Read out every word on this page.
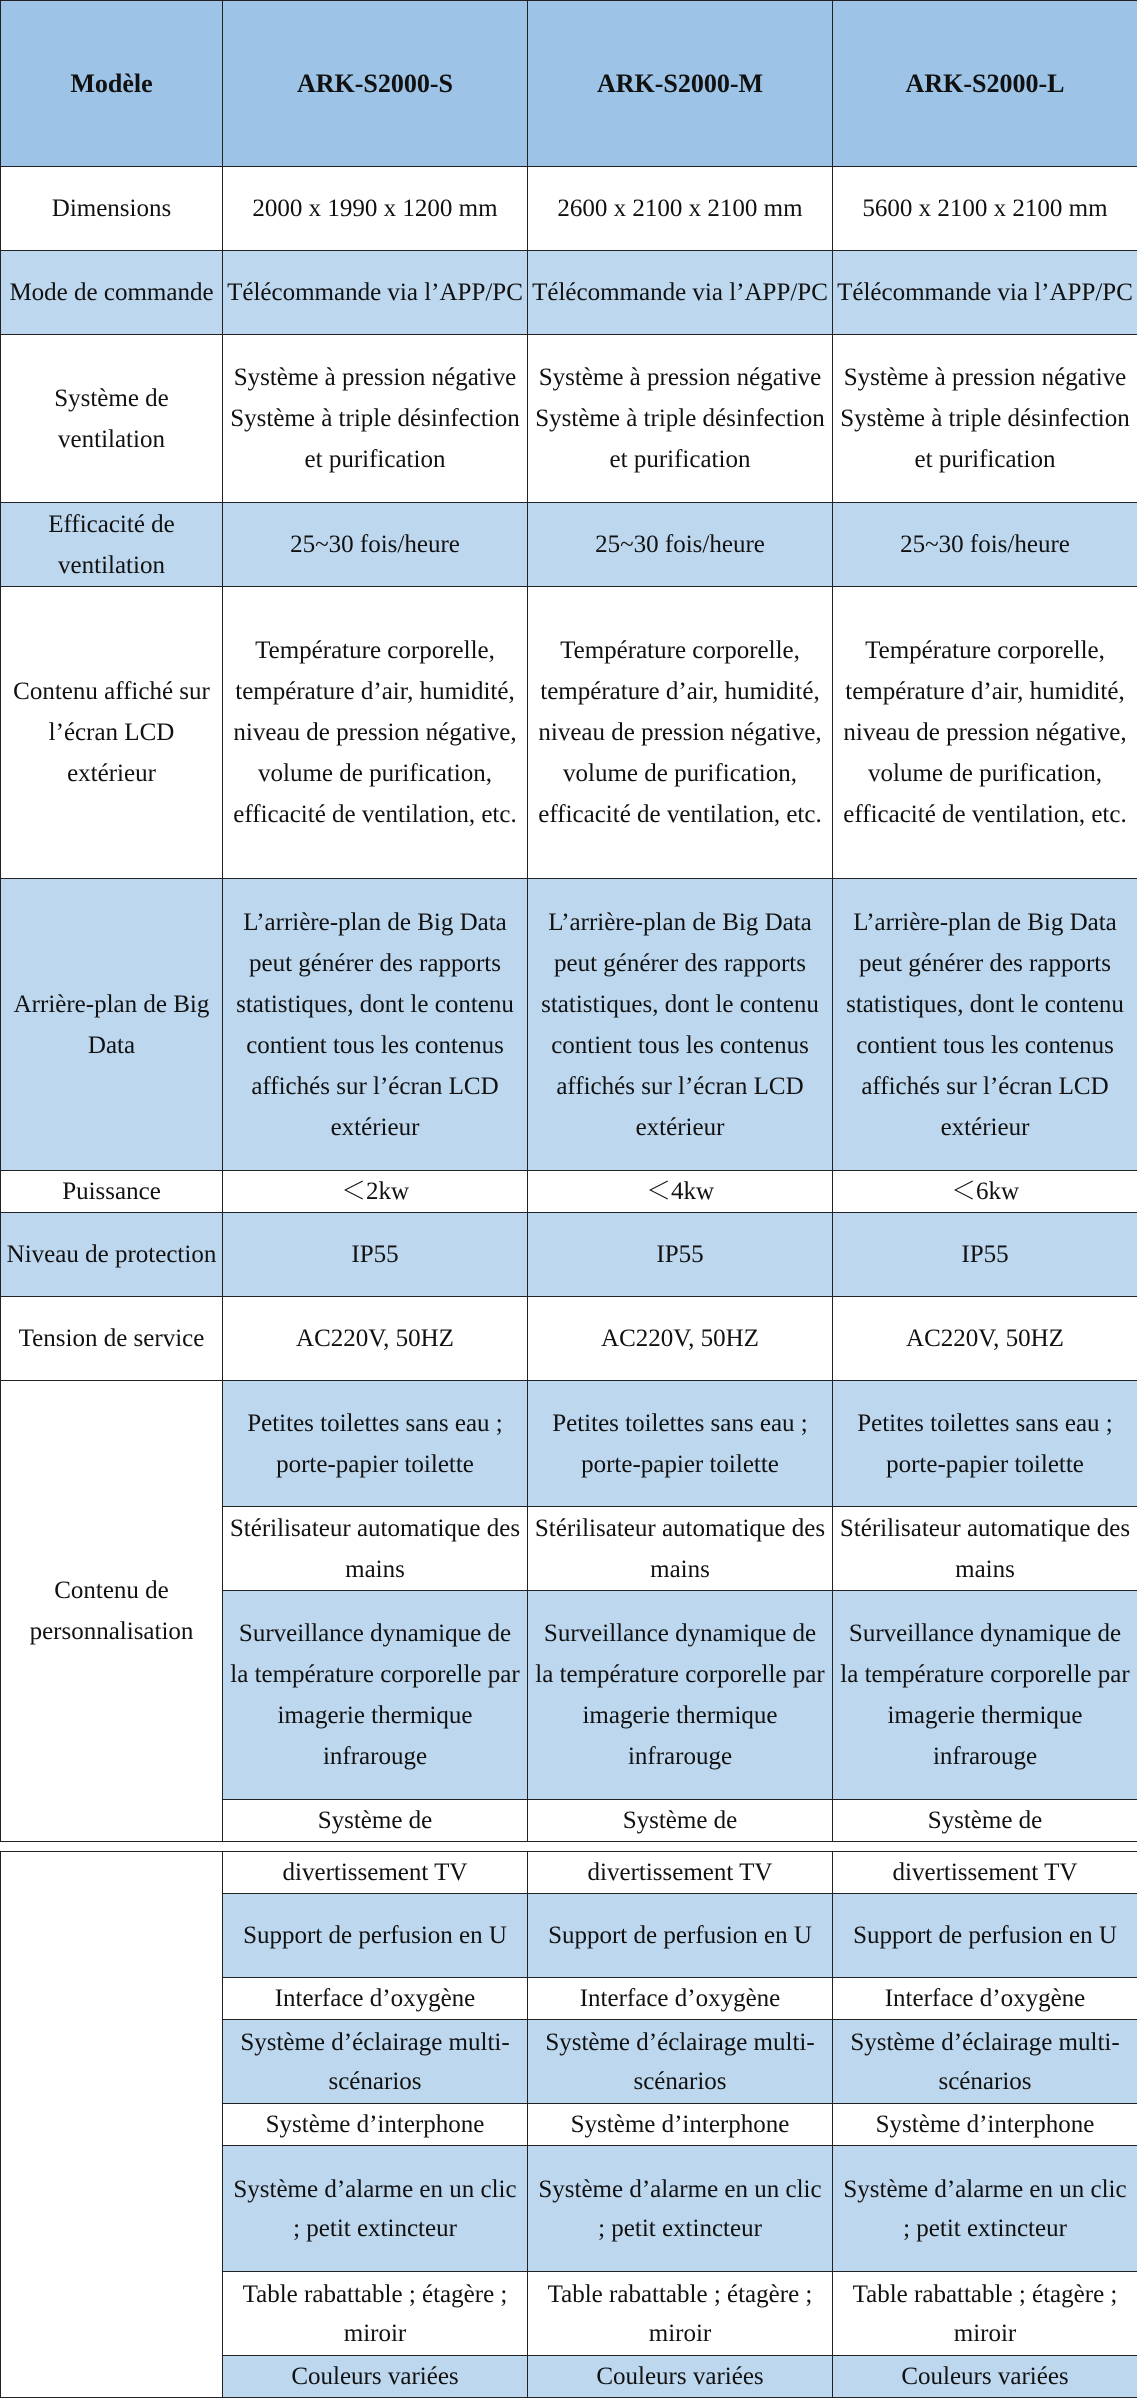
Modèle	ARK-S2000-S	ARK-S2000-M	ARK-S2000-L
Dimensions	2000 x 1990 x 1200 mm	2600 x 2100 x 2100 mm	5600 x 2100 x 2100 mm
Mode de commande	Télécommande via l’APP/PC	Télécommande via l’APP/PC	Télécommande via l’APP/PC
Système de ventilation	Système à pression négative Système à triple désinfection et purification	Système à pression négative Système à triple désinfection et purification	Système à pression négative Système à triple désinfection et purification
Efficacité de ventilation	25~30 fois/heure	25~30 fois/heure	25~30 fois/heure
Contenu affiché sur l’écran LCD extérieur	Température corporelle, température d’air, humidité, niveau de pression négative, volume de purification, efficacité de ventilation, etc.	Température corporelle, température d’air, humidité, niveau de pression négative, volume de purification, efficacité de ventilation, etc.	Température corporelle, température d’air, humidité, niveau de pression négative, volume de purification, efficacité de ventilation, etc.
Arrière-plan de Big Data	L’arrière-plan de Big Data peut générer des rapports statistiques, dont le contenu contient tous les contenus affichés sur l’écran LCD extérieur	L’arrière-plan de Big Data peut générer des rapports statistiques, dont le contenu contient tous les contenus affichés sur l’écran LCD extérieur	L’arrière-plan de Big Data peut générer des rapports statistiques, dont le contenu contient tous les contenus affichés sur l’écran LCD extérieur
Puissance	＜2kw	＜4kw	＜6kw
Niveau de protection	IP55	IP55	IP55
Tension de service	AC220V, 50HZ	AC220V, 50HZ	AC220V, 50HZ
Contenu de personnalisation	Petites toilettes sans eau ; porte-papier toilette	Petites toilettes sans eau ; porte-papier toilette	Petites toilettes sans eau ; porte-papier toilette
	Stérilisateur automatique des mains	Stérilisateur automatique des mains	Stérilisateur automatique des mains
	Surveillance dynamique de la température corporelle par imagerie thermique infrarouge	Surveillance dynamique de la température corporelle par imagerie thermique infrarouge	Surveillance dynamique de la température corporelle par imagerie thermique infrarouge
	Système de	Système de	Système de
	divertissement TV	divertissement TV	divertissement TV
	Support de perfusion en U	Support de perfusion en U	Support de perfusion en U
	Interface d’oxygène	Interface d’oxygène	Interface d’oxygène
	Système d’éclairage multi-scénarios	Système d’éclairage multi-scénarios	Système d’éclairage multi-scénarios
	Système d’interphone	Système d’interphone	Système d’interphone
	Système d’alarme en un clic ; petit extincteur	Système d’alarme en un clic ; petit extincteur	Système d’alarme en un clic ; petit extincteur
	Table rabattable ; étagère ; miroir	Table rabattable ; étagère ; miroir	Table rabattable ; étagère ; miroir
	Couleurs variées	Couleurs variées	Couleurs variées
